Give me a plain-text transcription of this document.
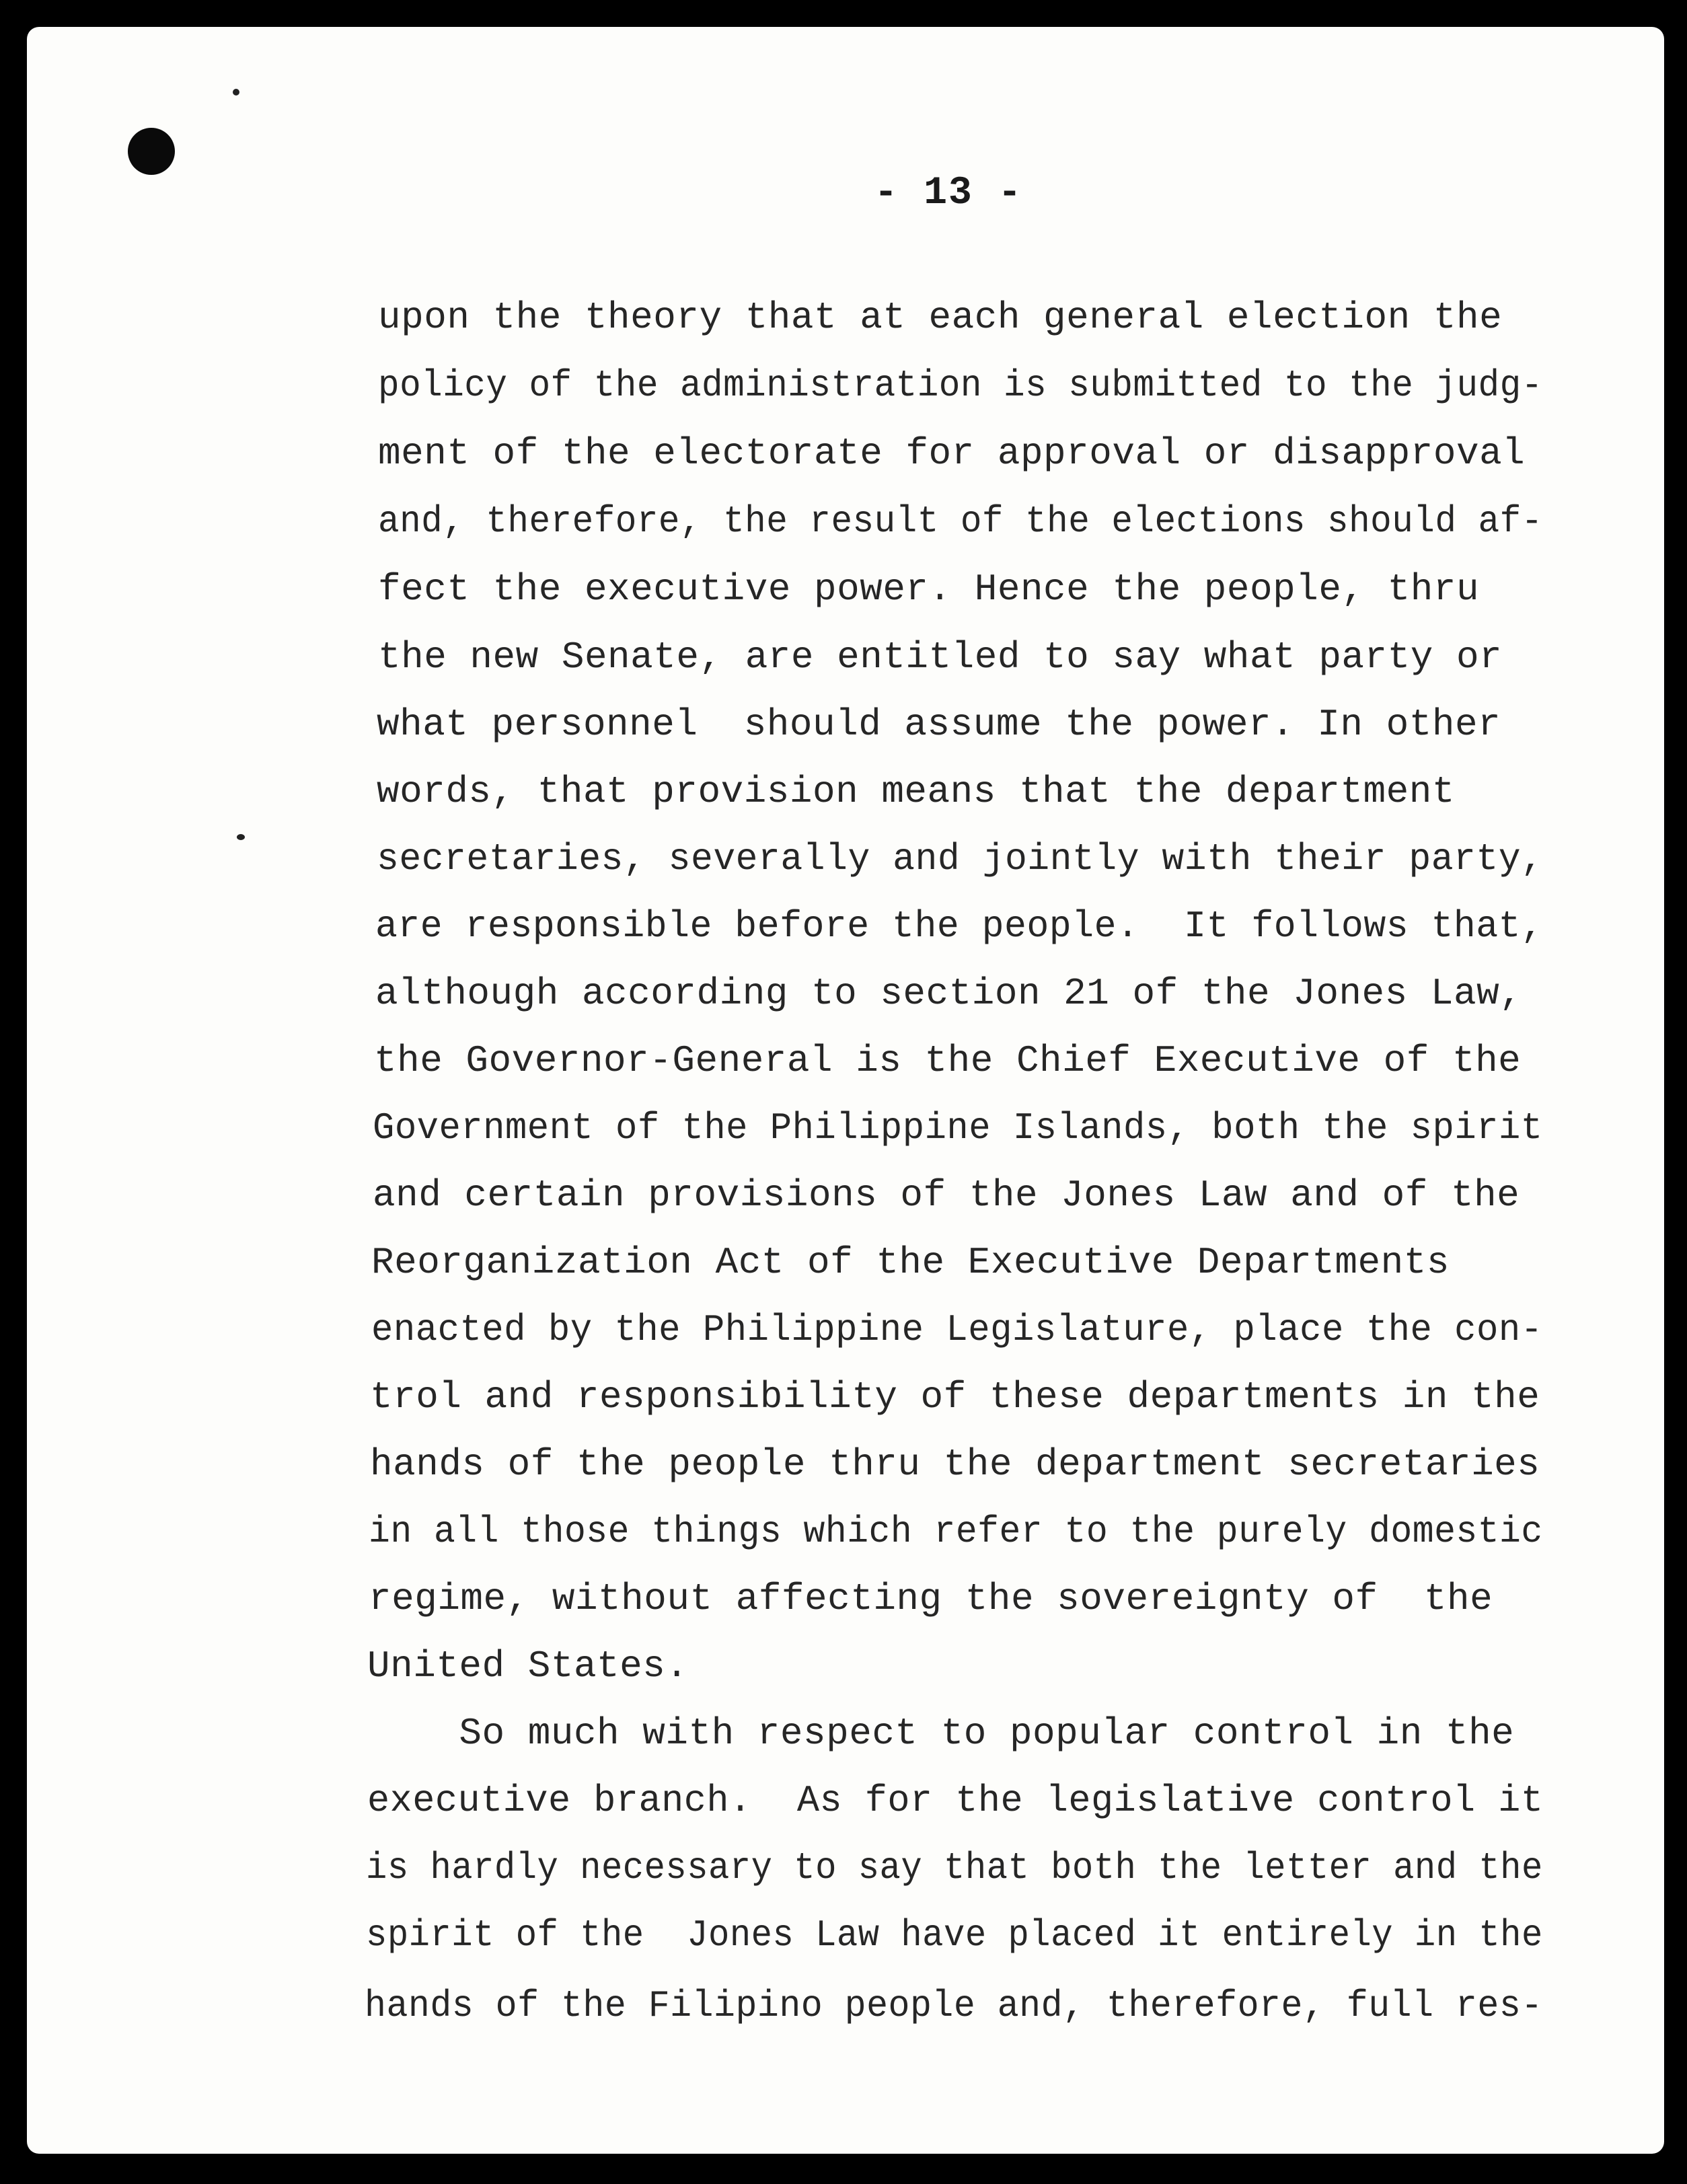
- 13 -
upon the theory that at each general election the
policy of the administration is submitted to the judg-
ment of the electorate for approval or disapproval
and, therefore, the result of the elections should af-
fect the executive power. Hence the people, thru
the new Senate, are entitled to say what party or
what personnel  should assume the power. In other
words, that provision means that the department
secretaries, severally and jointly with their party,
are responsible before the people.  It follows that,
although according to section 21 of the Jones Law,
the Governor-General is the Chief Executive of the
Government of the Philippine Islands, both the spirit
and certain provisions of the Jones Law and of the
Reorganization Act of the Executive Departments
enacted by the Philippine Legislature, place the con-
trol and responsibility of these departments in the
hands of the people thru the department secretaries
in all those things which refer to the purely domestic
regime, without affecting the sovereignty of  the
United States.
So much with respect to popular control in the
executive branch.  As for the legislative control it
is hardly necessary to say that both the letter and the
spirit of the  Jones Law have placed it entirely in the
hands of the Filipino people and, therefore, full res-
